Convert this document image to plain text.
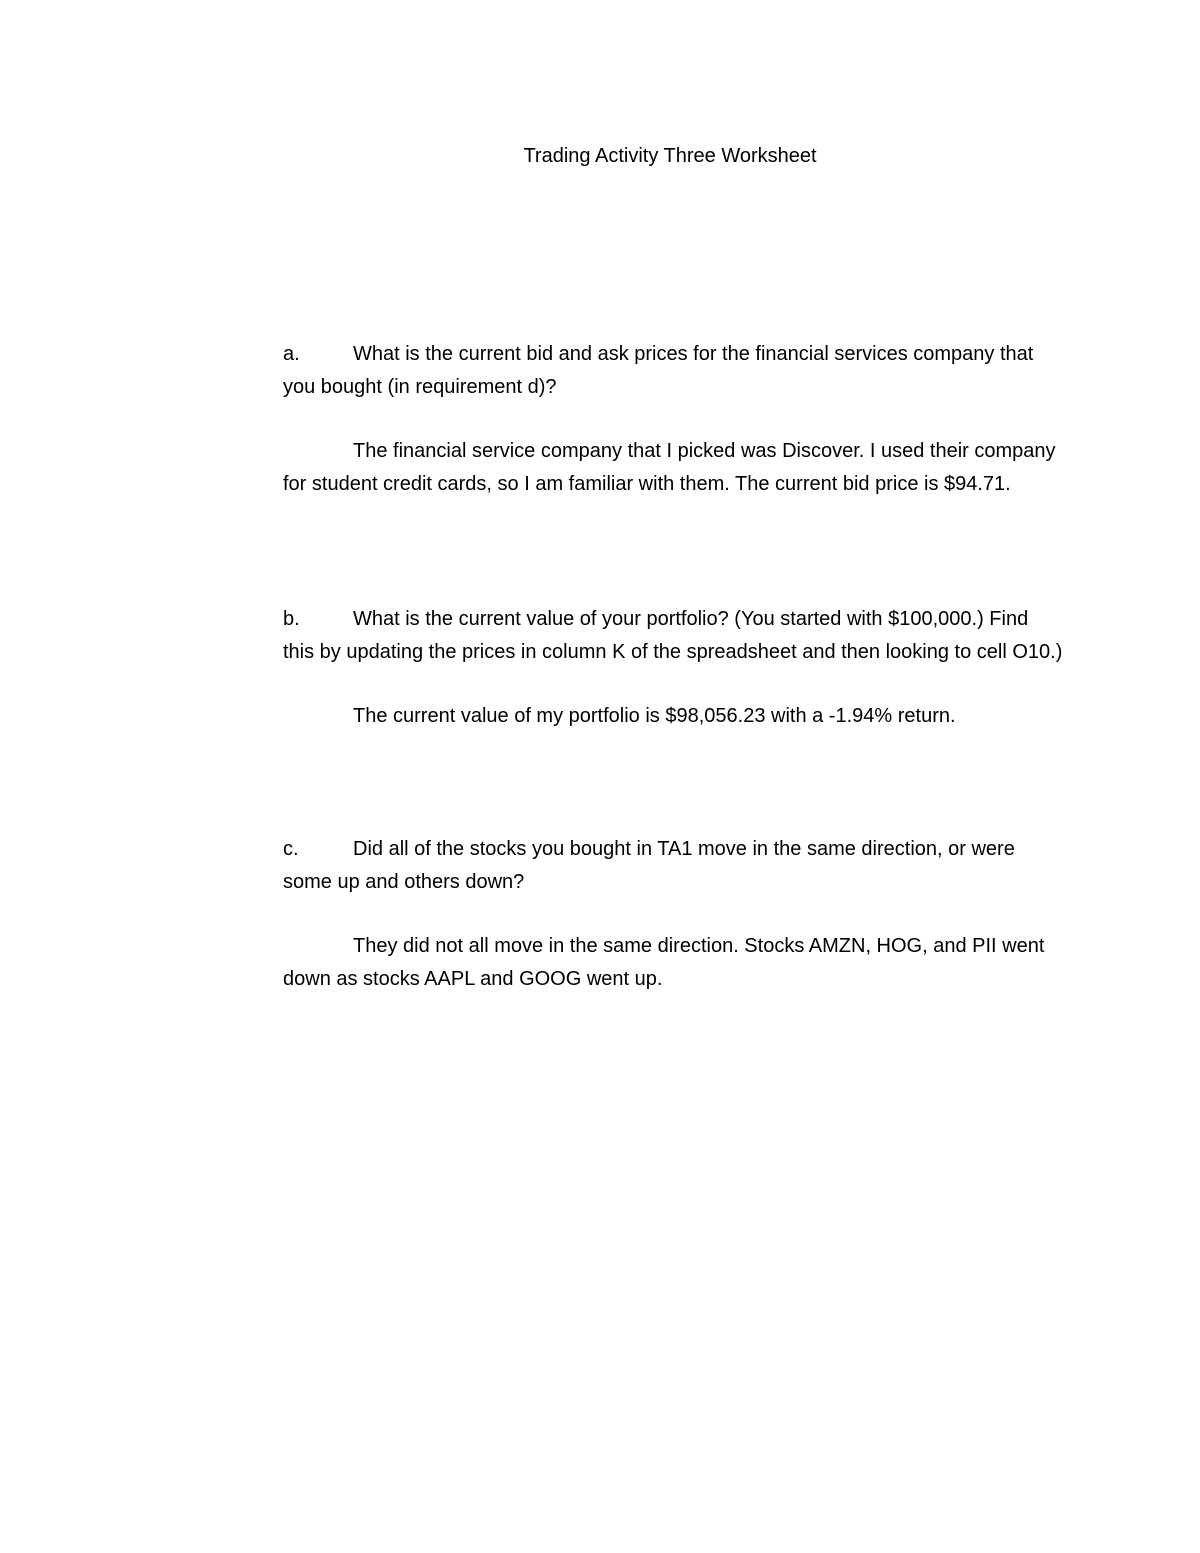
Trading Activity Three Worksheet

a.	What is the current bid and ask prices for the financial services company that you bought (in requirement d)?

The financial service company that I picked was Discover. I used their company for student credit cards, so I am familiar with them. The current bid price is $94.71.

b.	What is the current value of your portfolio? (You started with $100,000.) Find this by updating the prices in column K of the spreadsheet and then looking to cell O10.)

The current value of my portfolio is $98,056.23 with a -1.94% return.

c.	Did all of the stocks you bought in TA1 move in the same direction, or were some up and others down?

They did not all move in the same direction. Stocks AMZN, HOG, and PII went down as stocks AAPL and GOOG went up.
